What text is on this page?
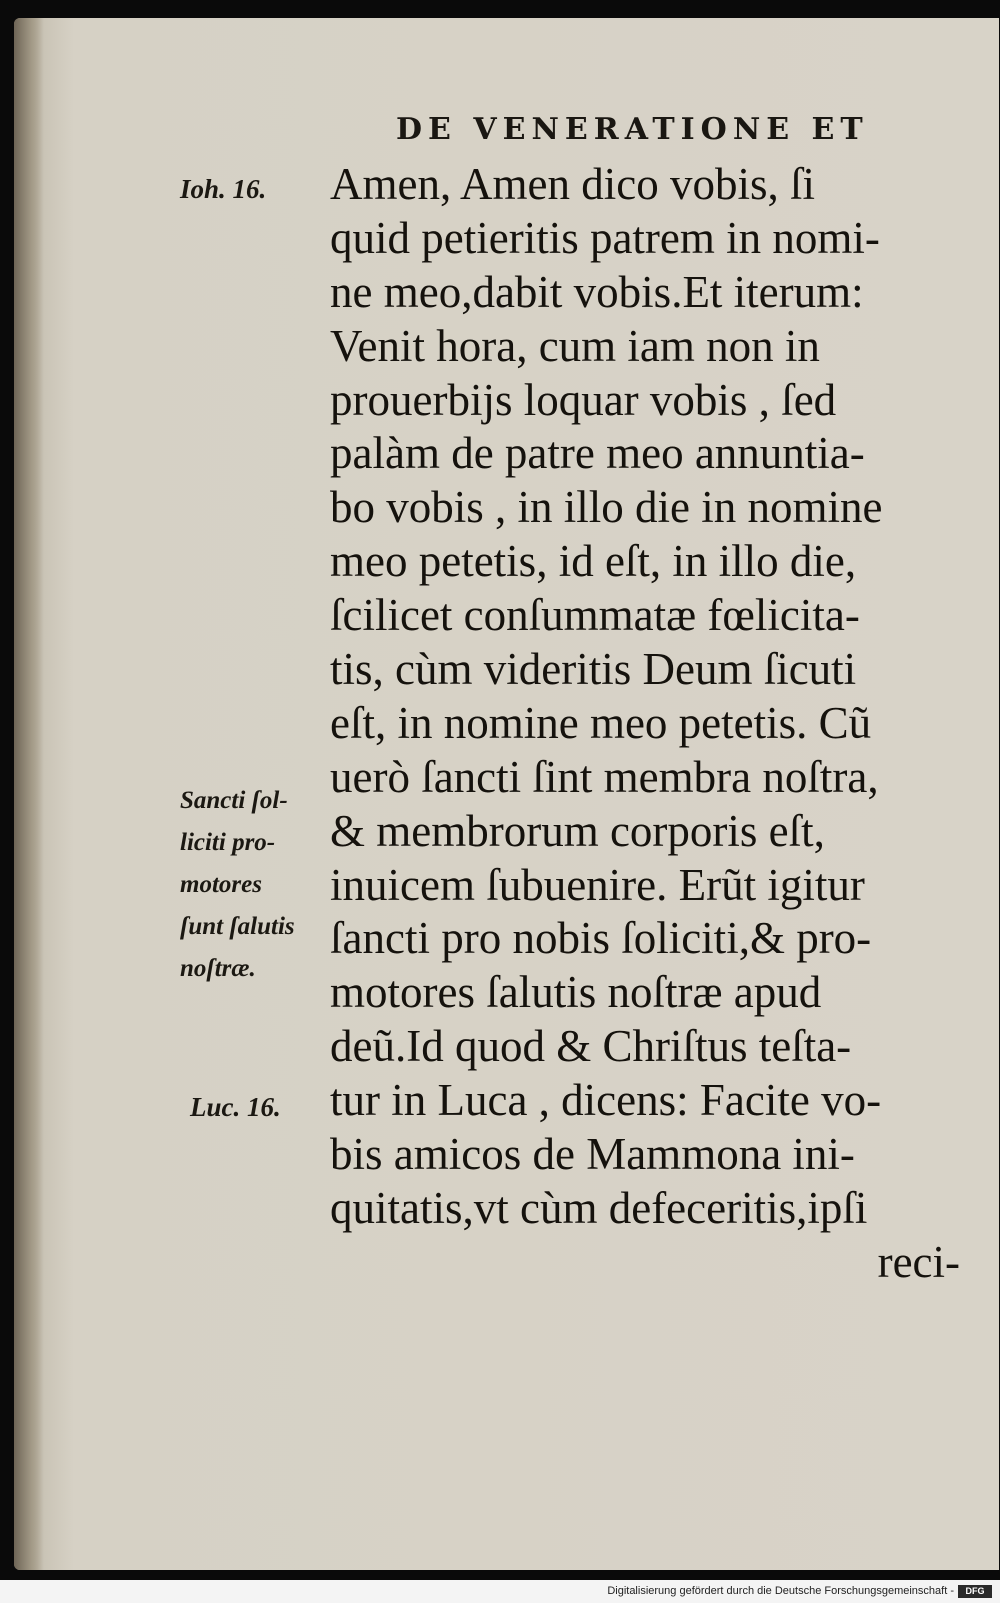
DE VENERATIONE ET
Ioh. 16.
Sancti ſol-
liciti pro-
motores
ſunt ſalutis
noſtræ.
Luc. 16.
Amen, Amen dico vobis, ſi
quid petieritis patrem in nomi-
ne meo,dabit vobis.Et iterum:
Venit hora, cum iam non in
prouerbijs loquar vobis , ſed
palàm de patre meo annuntia-
bo vobis , in illo die in nomine
meo petetis, id eſt, in illo die,
ſcilicet conſummatæ fœlicita-
tis, cùm videritis Deum ſicuti
eſt, in nomine meo petetis. Cũ
uerò ſancti ſint membra noſtra,
& membrorum corporis eſt,
inuicem ſubuenire. Erũt igitur
ſancti pro nobis ſoliciti,& pro-
motores ſalutis noſtræ apud
deũ.Id quod & Chriſtus teſta-
tur in Luca , dicens: Facite vo-
bis amicos de Mammona ini-
quitatis,vt cùm defeceritis,ipſi
reci-
Digitalisierung gefördert durch die Deutsche Forschungsgemeinschaft -	DFG
